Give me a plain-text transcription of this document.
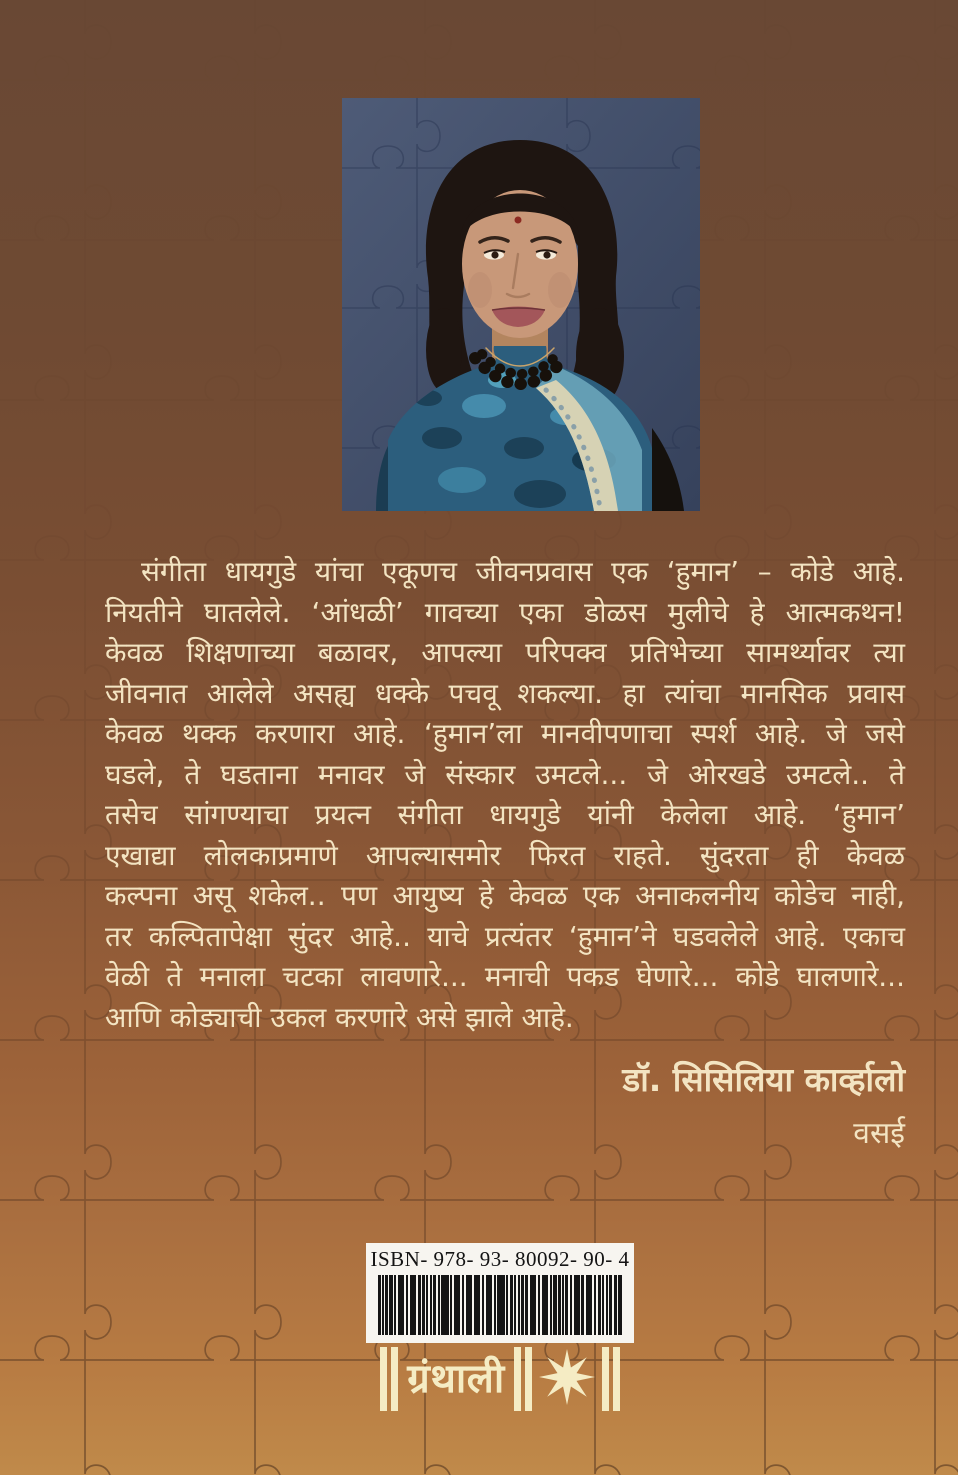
संगीता धायगुडे यांचा एकूणच जीवनप्रवास एक ‘हुमान’ – कोडे आहे.
नियतीने घातलेले. ‘आंधळी’ गावच्या एका डोळस मुलीचे हे आत्मकथन!
केवळ शिक्षणाच्या बळावर, आपल्या परिपक्व प्रतिभेच्या सामर्थ्यावर त्या
जीवनात आलेले असह्य धक्के पचवू शकल्या. हा त्यांचा मानसिक प्रवास
केवळ थक्क करणारा आहे. ‘हुमान’ला मानवीपणाचा स्पर्श आहे. जे जसे
घडले, ते घडताना मनावर जे संस्कार उमटले... जे ओरखडे उमटले.. ते
तसेच सांगण्याचा प्रयत्न संगीता धायगुडे यांनी केलेला आहे. ‘हुमान’
एखाद्या लोलकाप्रमाणे आपल्यासमोर फिरत राहते. सुंदरता ही केवळ
कल्पना असू शकेल.. पण आयुष्य हे केवळ एक अनाकलनीय कोडेच नाही,
तर कल्पितापेक्षा सुंदर आहे.. याचे प्रत्यंतर ‘हुमान’ने घडवलेले आहे. एकाच
वेळी ते मनाला चटका लावणारे... मनाची पकड घेणारे... कोडे घालणारे...
आणि कोड्याची उकल करणारे असे झाले आहे.
डॉ. सिसिलिया कार्व्हालो
वसई
ISBN- 978- 93- 80092- 90- 4
ग्रंथाली
